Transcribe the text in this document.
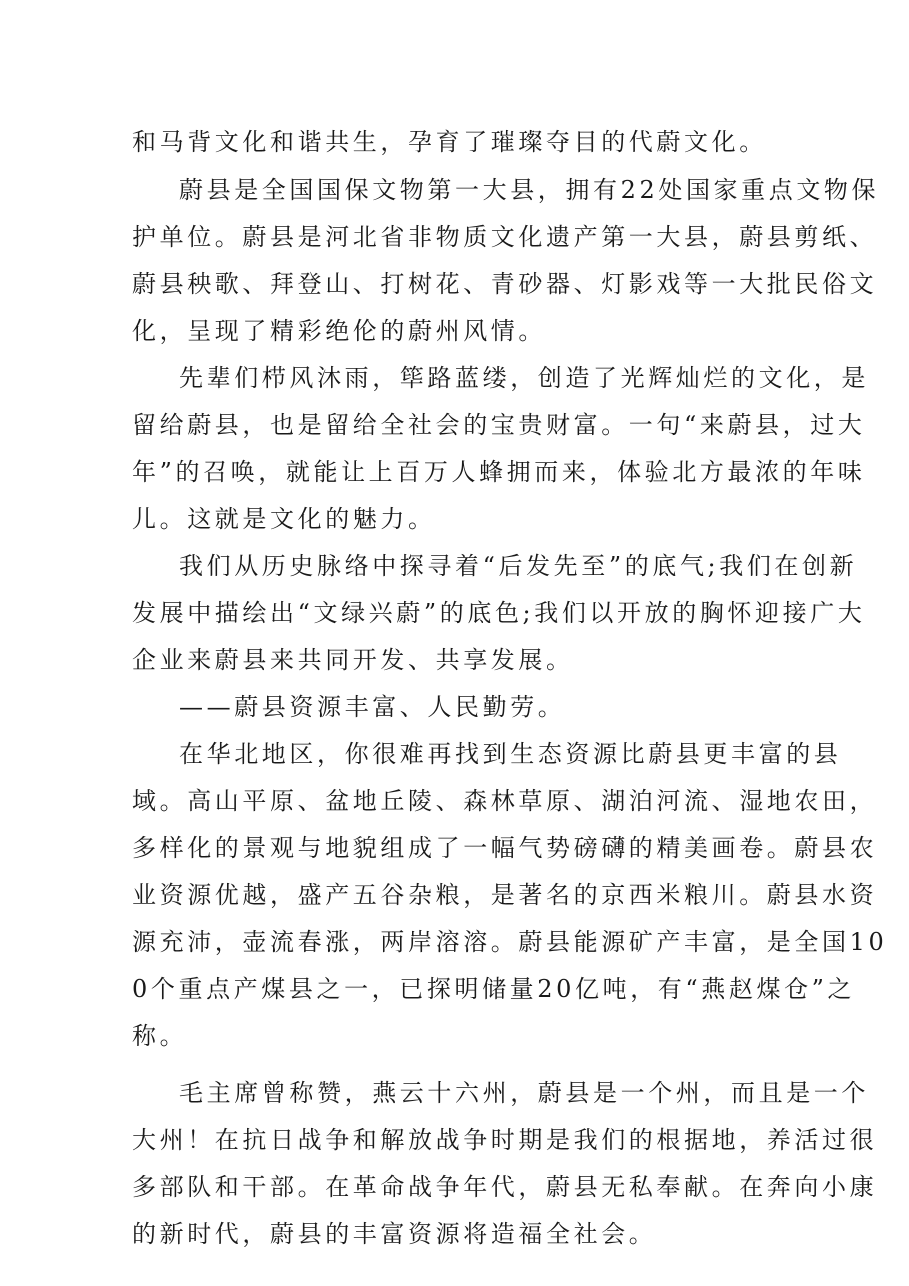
和马背文化和谐共生，孕育了璀璨夺目的代蔚文化。
蔚县是全国国保文物第一大县，拥有22处国家重点文物保
护单位。蔚县是河北省非物质文化遗产第一大县，蔚县剪纸、
蔚县秧歌、拜登山、打树花、青砂器、灯影戏等一大批民俗文
化，呈现了精彩绝伦的蔚州风情。
先辈们栉风沐雨，筚路蓝缕，创造了光辉灿烂的文化，是
留给蔚县，也是留给全社会的宝贵财富。一句“来蔚县，过大
年”的召唤，就能让上百万人蜂拥而来，体验北方最浓的年味
儿。这就是文化的魅力。
我们从历史脉络中探寻着“后发先至”的底气;我们在创新
发展中描绘出“文绿兴蔚”的底色;我们以开放的胸怀迎接广大
企业来蔚县来共同开发、共享发展。
——蔚县资源丰富、人民勤劳。
在华北地区，你很难再找到生态资源比蔚县更丰富的县
域。高山平原、盆地丘陵、森林草原、湖泊河流、湿地农田，
多样化的景观与地貌组成了一幅气势磅礴的精美画卷。蔚县农
业资源优越，盛产五谷杂粮，是著名的京西米粮川。蔚县水资
源充沛，壶流春涨，两岸溶溶。蔚县能源矿产丰富，是全国10
0个重点产煤县之一，已探明储量20亿吨，有“燕赵煤仓”之
称。
毛主席曾称赞，燕云十六州，蔚县是一个州，而且是一个
大州！在抗日战争和解放战争时期是我们的根据地，养活过很
多部队和干部。在革命战争年代，蔚县无私奉献。在奔向小康
的新时代，蔚县的丰富资源将造福全社会。
